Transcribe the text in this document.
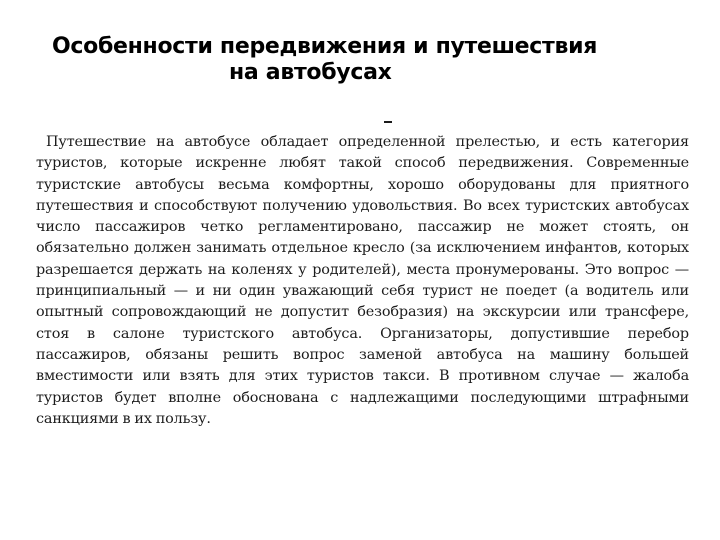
Особенности передвижения и путешествия
на автобусах

Путешествие на автобусе обладает определенной прелестью, и есть категория туристов, которые искренне любят такой способ передвижения. Современные туристские автобусы весьма комфортны, хорошо оборудованы для приятного путешествия и способствуют получению удовольствия. Во всех туристских автобусах число пассажиров четко регламентировано, пассажир не может стоять, он обязательно должен занимать отдельное кресло (за исключением инфантов, которых разрешается держать на коленях у родителей), места пронумерованы. Это вопрос — принципиальный — и ни один уважающий себя турист не поедет (а водитель или опытный сопровождающий не допустит безобразия) на экскурсии или трансфере, стоя в салоне туристского автобуса. Организаторы, допустившие перебор пассажиров, обязаны решить вопрос заменой автобуса на машину большей вместимости или взять для этих туристов такси. В противном случае — жалоба туристов будет вполне обоснована с надлежащими последующими штрафными санкциями в их пользу.
